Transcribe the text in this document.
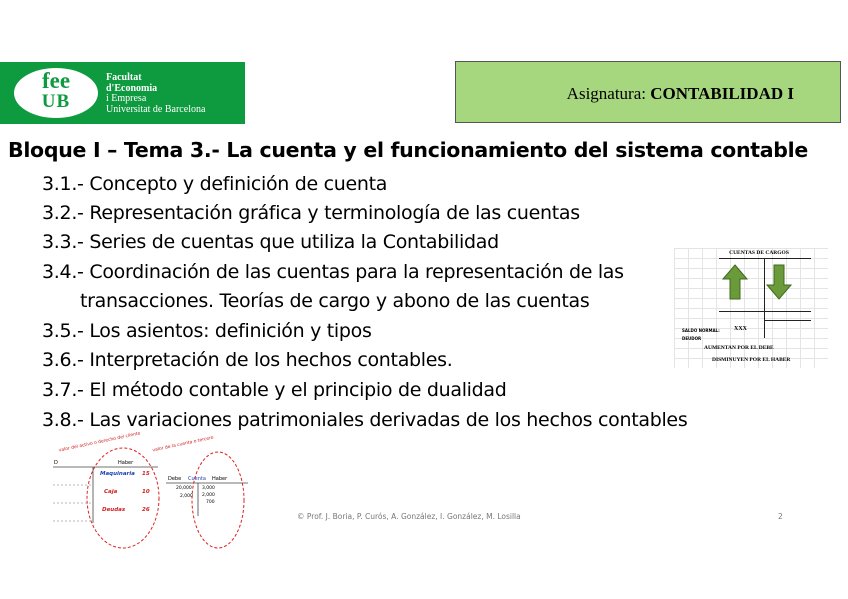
fee
UB
Facultat
d'Economia
i Empresa
Universitat de Barcelona
Asignatura: CONTABILIDAD I
Bloque I – Tema 3.- La cuenta y el funcionamiento del sistema contable
3.1.- Concepto y definición de cuenta
3.2.- Representación gráfica y terminología de las cuentas
3.3.- Series de cuentas que utiliza la Contabilidad
3.4.- Coordinación de las cuentas para la representación de las
transacciones. Teorías de cargo y abono de las cuentas
3.5.- Los asientos: definición y tipos
3.6.- Interpretación de los hechos contables.
3.7.- El método contable y el principio de dualidad
3.8.- Las variaciones patrimoniales derivadas de los hechos contables
CUENTAS DE CARGOS
XXX
SALDO NORMAL:
DEUDOR
AUMENTAN POR EL DEBE
DISMINUYEN POR EL HABER
valor del activo o derecho del cliente valor de la cuenta o tercero
D	Haber
Maquinaria 15
Caja	10
Deudas	26
Debe Cuenta Haber
20,000
2,000
3,000
2,000
700
© Prof. J. Boria, P. Curós, A. González, I. González, M. Losilla	2
